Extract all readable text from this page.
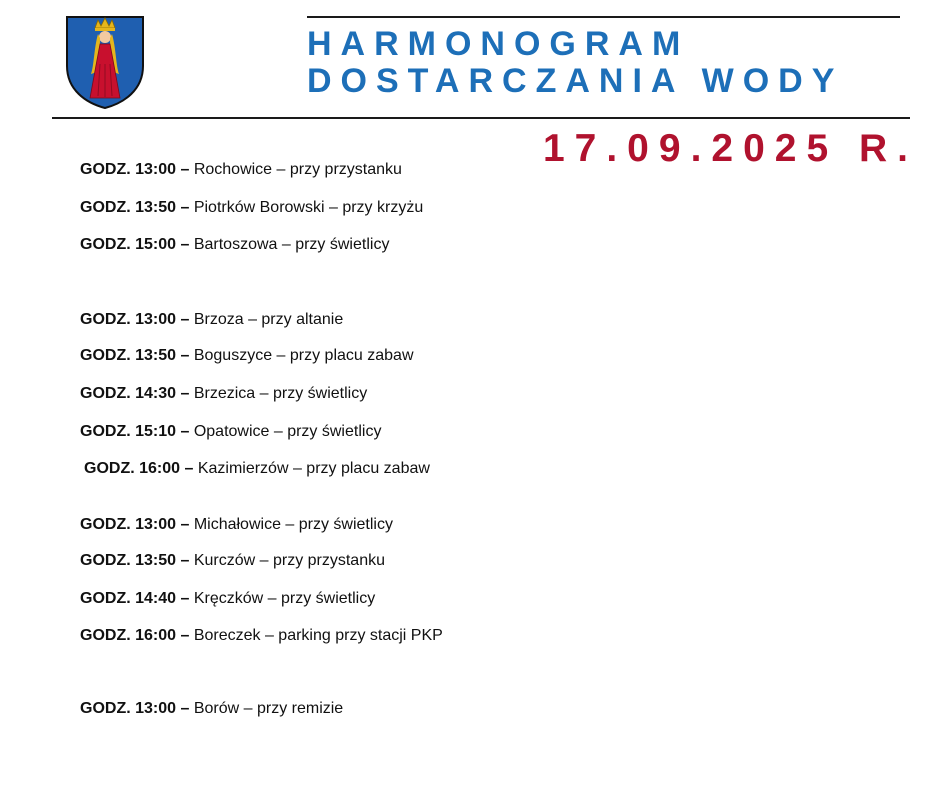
HARMONOGRAM
DOSTARCZANIA WODY
17.09.2025 R.
GODZ. 13:00 – Rochowice – przy przystanku
GODZ. 13:50 – Piotrków Borowski – przy krzyżu
GODZ. 15:00 – Bartoszowa – przy świetlicy
GODZ. 13:00 – Brzoza – przy altanie
GODZ. 13:50 – Boguszyce – przy placu zabaw
GODZ. 14:30 – Brzezica – przy świetlicy
GODZ. 15:10 – Opatowice – przy świetlicy
GODZ. 16:00 – Kazimierzów – przy placu zabaw
GODZ. 13:00 – Michałowice – przy świetlicy
GODZ. 13:50 – Kurczów – przy przystanku
GODZ. 14:40 – Kręczków – przy świetlicy
GODZ. 16:00 – Boreczek – parking przy stacji PKP
GODZ. 13:00 – Borów – przy remizie
